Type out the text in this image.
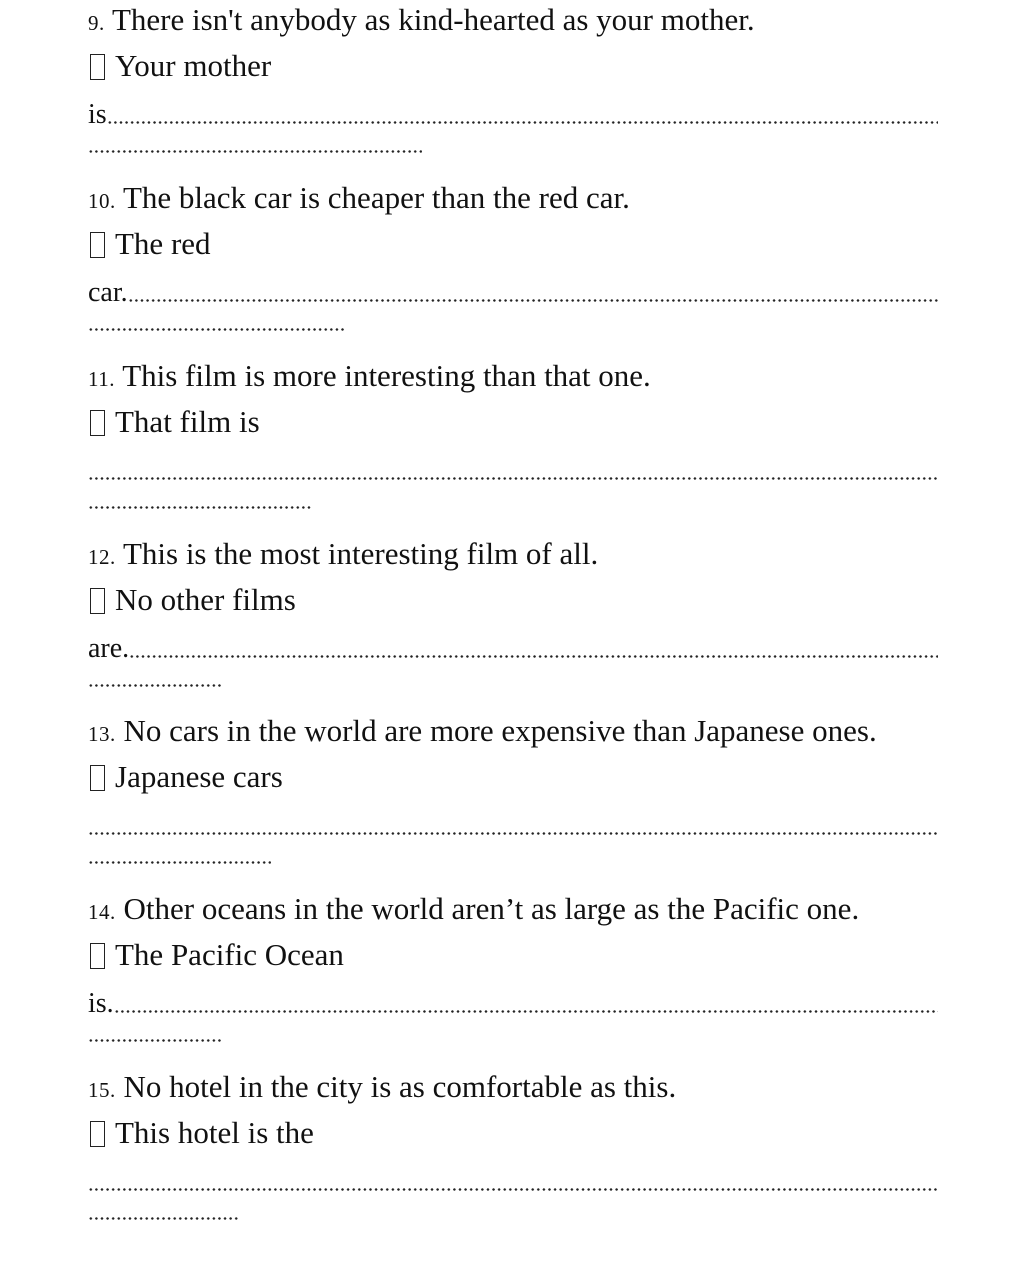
9. There isn't anybody as kind-hearted as your mother.
Your mother
is
10. The black car is cheaper than the red car.
The red
car.
11. This film is more interesting than that one.
That film is
12. This is the most interesting film of all.
No other films
are.
13. No cars in the world are more expensive than Japanese ones.
Japanese cars
14. Other oceans in the world aren’t as large as the Pacific one.
The Pacific Ocean
is.
15. No hotel in the city is as comfortable as this.
This hotel is the
